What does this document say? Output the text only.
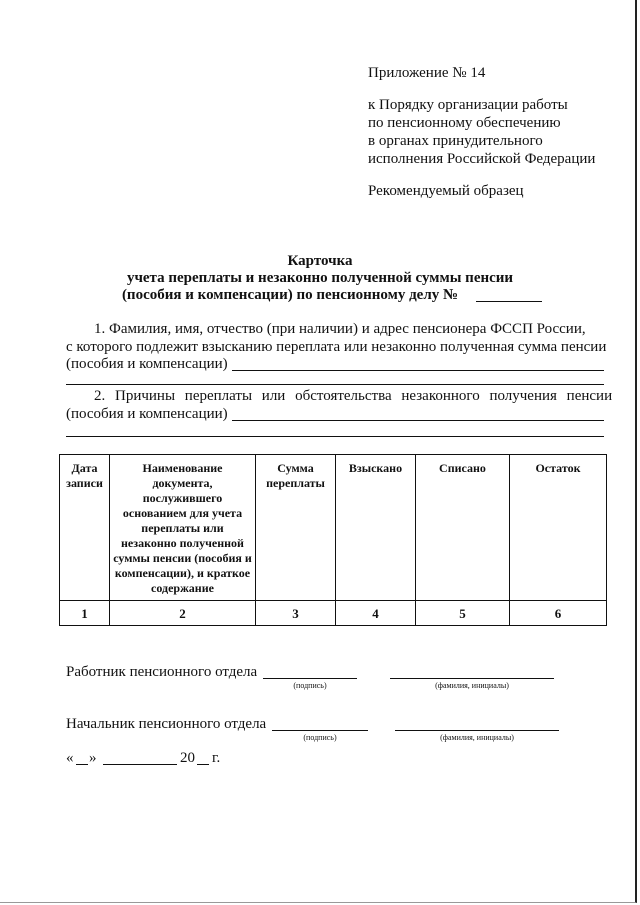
Приложение № 14
к Порядку организации работы
по пенсионному обеспечению
в органах принудительного
исполнения Российской Федерации
Рекомендуемый образец
Карточка
учета переплаты и незаконно полученной суммы пенсии
(пособия и компенсации) по пенсионному делу №
1. Фамилия, имя, отчество (при наличии) и адрес пенсионера ФССП России,
с которого подлежит взысканию переплата или незаконно полученная сумма пенсии
(пособия и компенсации)
2. Причины переплаты или обстоятельства незаконного получения пенсии
(пособия и компенсации)
Дата записи	Наименование документа, послужившего основанием для учета переплаты или незаконно полученной суммы пенсии (пособия и компенсации), и краткое содержание	Сумма переплаты	Взыскано	Списано	Остаток
1	2	3	4	5	6
Работник пенсионного отдела
(подпись)	(фамилия, инициалы)
Начальник пенсионного отдела
(подпись)	(фамилия, инициалы)
« »	20 г.
